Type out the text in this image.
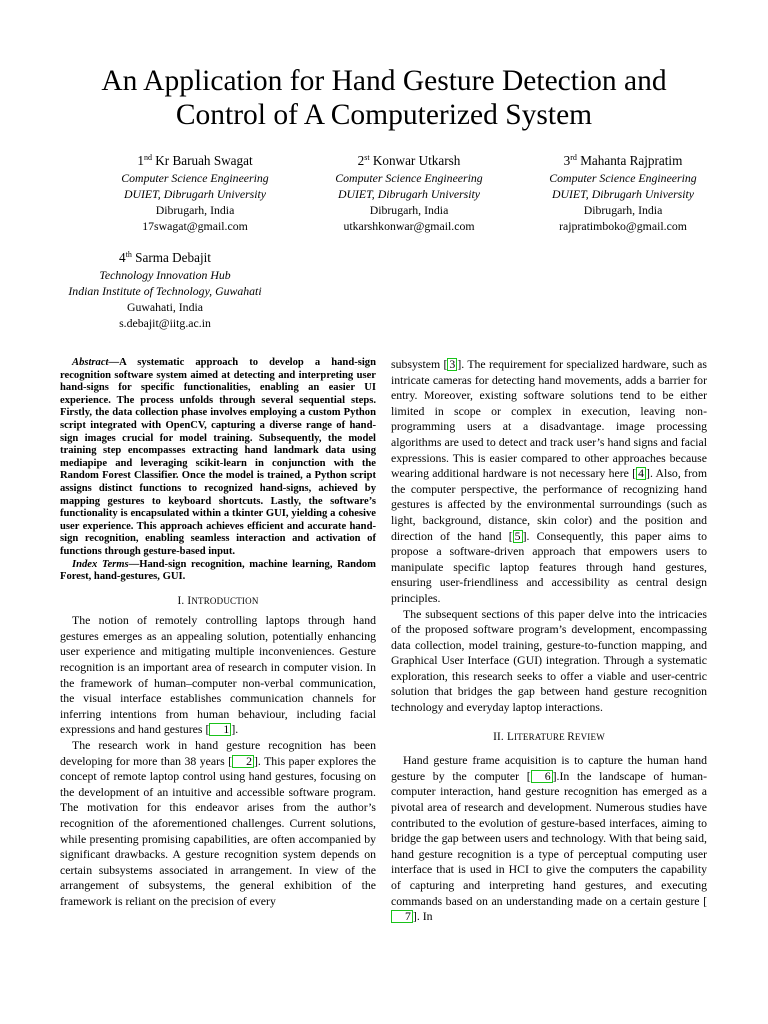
An Application for Hand Gesture Detection and
Control of A Computerized System
1nd Kr Baruah Swagat
Computer Science Engineering
DUIET, Dibrugarh University
Dibrugarh, India
17swagat@gmail.com
2st Konwar Utkarsh
Computer Science Engineering
DUIET, Dibrugarh University
Dibrugarh, India
utkarshkonwar@gmail.com
3rd Mahanta Rajpratim
Computer Science Engineering
DUIET, Dibrugarh University
Dibrugarh, India
rajpratimboko@gmail.com
4th Sarma Debajit
Technology Innovation Hub
Indian Institute of Technology, Guwahati
Guwahati, India
s.debajit@iitg.ac.in

Abstract—A systematic approach to develop a hand-sign recognition software system aimed at detecting and interpreting user hand-signs for specific functionalities, enabling an easier UI experience. The process unfolds through several sequential steps. Firstly, the data collection phase involves employing a custom Python script integrated with OpenCV, capturing a diverse range of hand-sign images crucial for model training. Subsequently, the model training step encompasses extracting hand landmark data using mediapipe and leveraging scikit-learn in conjunction with the Random Forest Classifier. Once the model is trained, a Python script assigns distinct functions to recognized hand-signs, achieved by mapping gestures to keyboard shortcuts. Lastly, the software’s functionality is encapsulated within a tkinter GUI, yielding a cohesive user experience. This approach achieves efficient and accurate hand-sign recognition, enabling seamless interaction and activation of functions through gesture-based input.

Index Terms—Hand-sign recognition, machine learning, Random Forest, hand-gestures, GUI.

I. INTRODUCTION

The notion of remotely controlling laptops through hand gestures emerges as an appealing solution, potentially enhancing user experience and mitigating multiple inconveniences. Gesture recognition is an important area of research in computer vision. In the framework of human–computer non-verbal communication, the visual interface establishes communication channels for inferring intentions from human behaviour, including facial expressions and hand gestures [ 1 ].

The research work in hand gesture recognition has been developing for more than 38 years [ 2 ]. This paper explores the concept of remote laptop control using hand gestures, focusing on the development of an intuitive and accessible software program. The motivation for this endeavor arises from the author’s recognition of the aforementioned challenges. Current solutions, while presenting promising capabilities, are often accompanied by significant drawbacks. A gesture recognition system depends on certain subsystems associated in arrangement. In view of the arrangement of subsystems, the general exhibition of the framework is reliant on the precision of every

subsystem [ 3 ]. The requirement for specialized hardware, such as intricate cameras for detecting hand movements, adds a barrier for entry. Moreover, existing software solutions tend to be either limited in scope or complex in execution, leaving non-programming users at a disadvantage. image processing algorithms are used to detect and track user’s hand signs and facial expressions. This is easier compared to other approaches because wearing additional hardware is not necessary here [ 4 ]. Also, from the computer perspective, the performance of recognizing hand gestures is affected by the environmental surroundings (such as light, background, distance, skin color) and the position and direction of the hand [ 5 ]. Consequently, this paper aims to propose a software-driven approach that empowers users to manipulate specific laptop features through hand gestures, ensuring user-friendliness and accessibility as central design principles.

The subsequent sections of this paper delve into the intricacies of the proposed software program’s development, encompassing data collection, model training, gesture-to-function mapping, and Graphical User Interface (GUI) integration. Through a systematic exploration, this research seeks to offer a viable and user-centric solution that bridges the gap between hand gesture recognition technology and everyday laptop interactions.

II. LITERATURE REVIEW

Hand gesture frame acquisition is to capture the human hand gesture by the computer [ 6 ].In the landscape of human-computer interaction, hand gesture recognition has emerged as a pivotal area of research and development. Numerous studies have contributed to the evolution of gesture-based interfaces, aiming to bridge the gap between users and technology. With that being said, hand gesture recognition is a type of perceptual computing user interface that is used in HCI to give the computers the capability of capturing and interpreting hand gestures, and executing commands based on an understanding made on a certain gesture [7 ]. In
